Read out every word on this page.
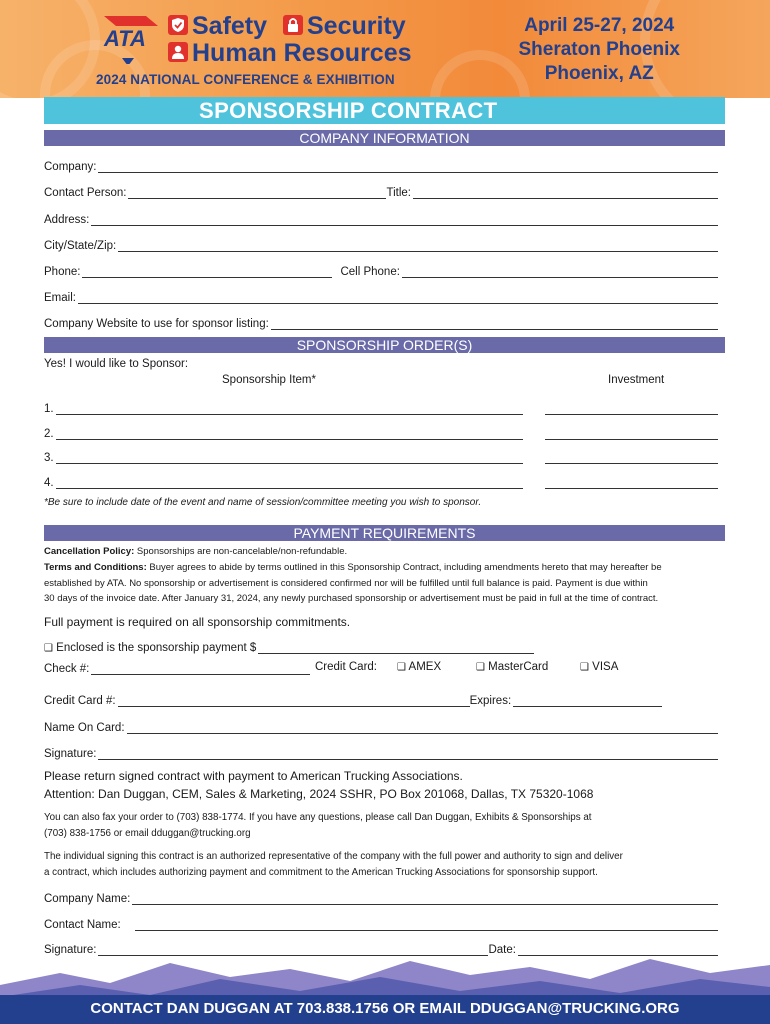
ATA Safety Security
Human Resources
2024 NATIONAL CONFERENCE & EXHIBITION
April 25-27, 2024
Sheraton Phoenix
Phoenix, AZ
SPONSORSHIP CONTRACT
COMPANY INFORMATION
Company:
Contact Person:	Title:
Address:
City/State/Zip:
Phone:	Cell Phone:
Email:
Company Website to use for sponsor listing:
SPONSORSHIP ORDER(S)
Yes! I would like to Sponsor:
Sponsorship Item*	Investment
1.
2.
3.
4.
*Be sure to include date of the event and name of session/committee meeting you wish to sponsor.
PAYMENT REQUIREMENTS
Cancellation Policy: Sponsorships are non-cancelable/non-refundable.
Terms and Conditions: Buyer agrees to abide by terms outlined in this Sponsorship Contract, including amendments hereto that may hereafter be
established by ATA. No sponsorship or advertisement is considered confirmed nor will be fulfilled until full balance is paid. Payment is due within
30 days of the invoice date. After January 31, 2024, any newly purchased sponsorship or advertisement must be paid in full at the time of contract.
Full payment is required on all sponsorship commitments.
❑
Enclosed is the sponsorship payment $
Check #:	Credit Card: ❑ AMEX	❑ MasterCard	❑ VISA
Credit Card #:	Expires:
Name On Card:
Signature:
Please return signed contract with payment to American Trucking Associations.
Attention: Dan Duggan, CEM, Sales & Marketing, 2024 SSHR, PO Box 201068, Dallas, TX 75320-1068
You can also fax your order to (703) 838-1774. If you have any questions, please call Dan Duggan, Exhibits & Sponsorships at
(703) 838-1756 or email dduggan@trucking.org
The individual signing this contract is an authorized representative of the company with the full power and authority to sign and deliver
a contract, which includes authorizing payment and commitment to the American Trucking Associations for sponsorship support.
Company Name:
Contact Name:
Signature:	Date:
CONTACT DAN DUGGAN AT 703.838.1756 OR EMAIL DDUGGAN@TRUCKING.ORG
